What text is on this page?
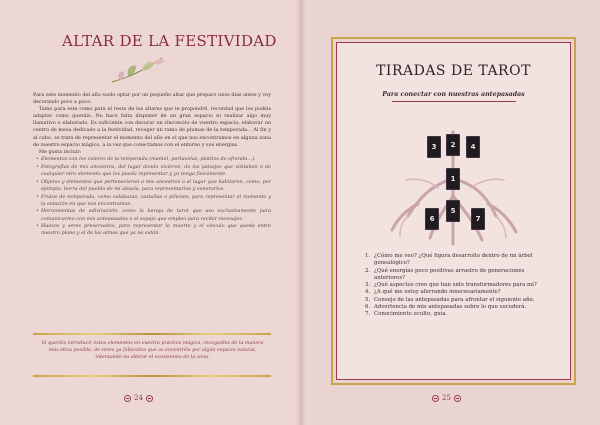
ALTAR DE LA FESTIVIDAD

Para este momento del año suelo optar por un pequeño altar que preparo unos días antes y voy decorando poco a poco.

Tamo para este como para el resto de los altares que te propondré, recordad que los podéis adaptar como queráis. No hace falta disponer de un gran espacio ni realizar algo muy llamativo o elaborado. Es suficiente con decorar un rinconcito de vuestro espacio, elaborar un centro de mesa dedicado a la festividad, recoger un ramo de plumas de la temporada... Al fin y al cabo, se trata de representar el momento del año en el que nos encontramos en alguna zona de nuestro espacio mágico, a la vez que conectamos con el entorno y sus energías.

Me gusta incluir:

• Elementos con los colores de la temporada (mantel, portavelas, platitos de ofrenda…).
• Fotografías de mis ancestros, del lugar donde vivieron, de los paisajes que visitaban o de cualquier otro elemento que los pueda representar y yo tenga físicamente.
• Objetos y elementos que pertenecieron a mis ancestros o al lugar que habitaron, como, por ejemplo, tierra del pueblo de mi abuela, para representarlos y venerarlos.
• Frutos de temporada, como calabazas, castañas o piñones, para representar el momento y la estación en que nos encontramos.
• Herramientas de adivinación, como la baraja de tarot que uso exclusivamente para comunicarme con mis antepasados o el espejo que empleo para recibir mensajes.
• Huesos y seres preservados, para representar la muerte y el vínculo que queda entre nuestro plano y el de las almas que ya no están.
Si queréis introducir estos elementos en vuestra práctica mágica, recogedlos de la manera más ética posible, de seres ya fallecidos que os encontréis por algún espacio natural, intentando no alterar el ecosistema de la zona.
24
TIRADAS DE TAROT
Para conectar con nuestras antepasadas
3	2	4
1
5
6	7
1. ¿Cómo me veo? ¿Qué figura desarrollo dentro de mi árbol genealógico?
2. ¿Qué energías poco positivas arrastro de generaciones anteriores?
3. ¿Qué aspectos creo que han sido transformadores para mí?
4. ¿A qué me estoy aferrando innecesariamente?
5. Consejo de las antepasadas para afrontar el siguiente año.
6. Advertencia de mis antepasadas sobre lo que sucederá.
7. Conocimiento oculto, guía.
25
